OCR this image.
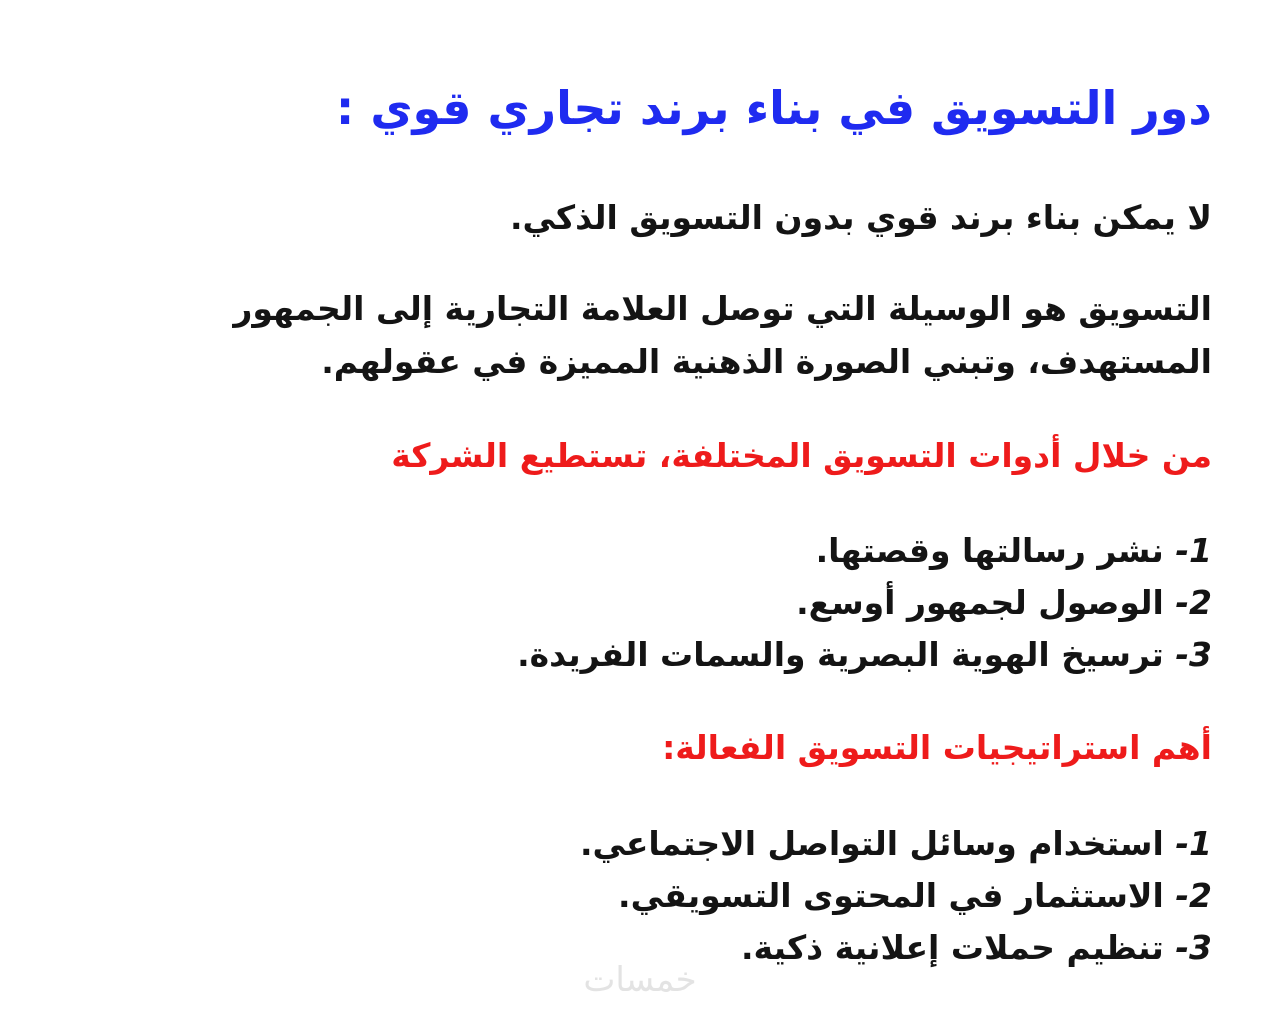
دور التسويق في بناء برند تجاري قوي :
لا يمكن بناء برند قوي بدون التسويق الذكي.
التسويق هو الوسيلة التي توصل العلامة التجارية إلى الجمهور
المستهدف، وتبني الصورة الذهنية المميزة في عقولهم.
من خلال أدوات التسويق المختلفة، تستطيع الشركة
1- نشر رسالتها وقصتها.
2- الوصول لجمهور أوسع.
3- ترسيخ الهوية البصرية والسمات الفريدة.
أهم استراتيجيات التسويق الفعالة:
1- استخدام وسائل التواصل الاجتماعي.
2- الاستثمار في المحتوى التسويقي.
3- تنظيم حملات إعلانية ذكية.
خمسات
